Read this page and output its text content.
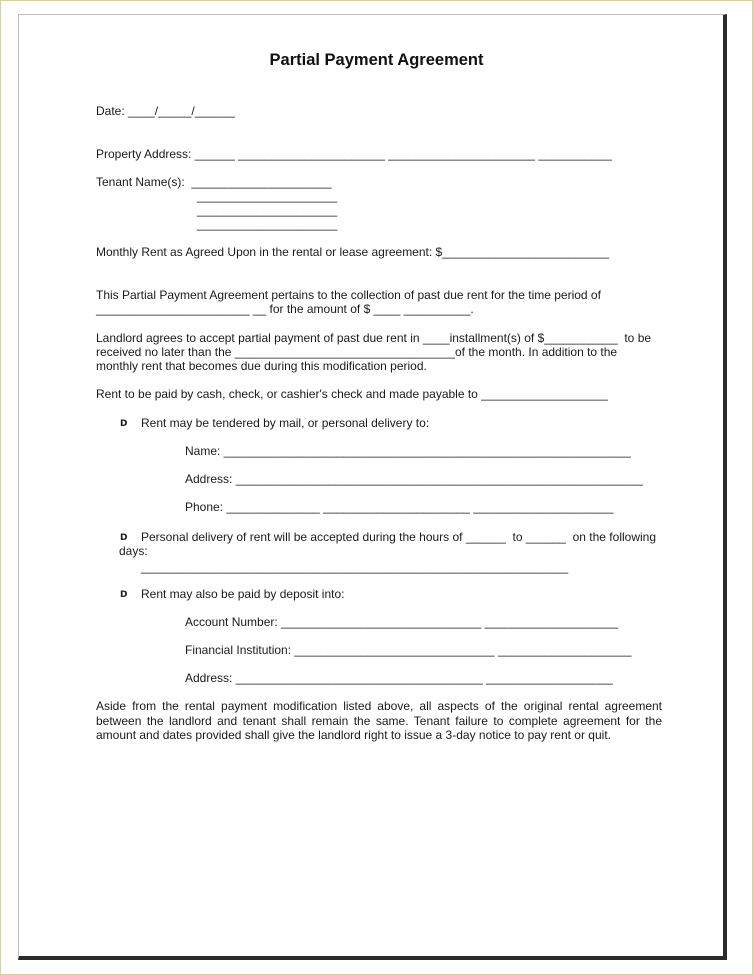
Partial Payment Agreement
Date: ____/_____/______
Property Address: ______ ______________________ ______________________ ___________
Tenant Name(s):  _____________________
_____________________
_____________________
_____________________
Monthly Rent as Agreed Upon in the rental or lease agreement: $_________________________
This Partial Payment Agreement pertains to the collection of past due rent for the time period of
_______________________ __ for the amount of $ ____ __________.
Landlord agrees to accept partial payment of past due rent in ____installment(s) of $___________  to be
received no later than the _________________________________of the month. In addition to the
monthly rent that becomes due during this modification period.
Rent to be paid by cash, check, or cashier's check and made payable to ___________________
D Rent may be tendered by mail, or personal delivery to:
Name: _____________________________________________________________
Address: _____________________________________________________________
Phone: ______________ ______________________ _____________________
D Personal delivery of rent will be accepted during the hours of ______  to ______  on the following
days:
________________________________________________________________
D Rent may also be paid by deposit into:
Account Number: ______________________________ ____________________
Financial Institution: ______________________________ ____________________
Address: _____________________________________ ___________________
Aside from the rental payment modification listed above, all aspects of the original rental agreement between the landlord and tenant shall remain the same. Tenant failure to complete agreement for the amount and dates provided shall give the landlord right to issue a 3-day notice to pay rent or quit.
